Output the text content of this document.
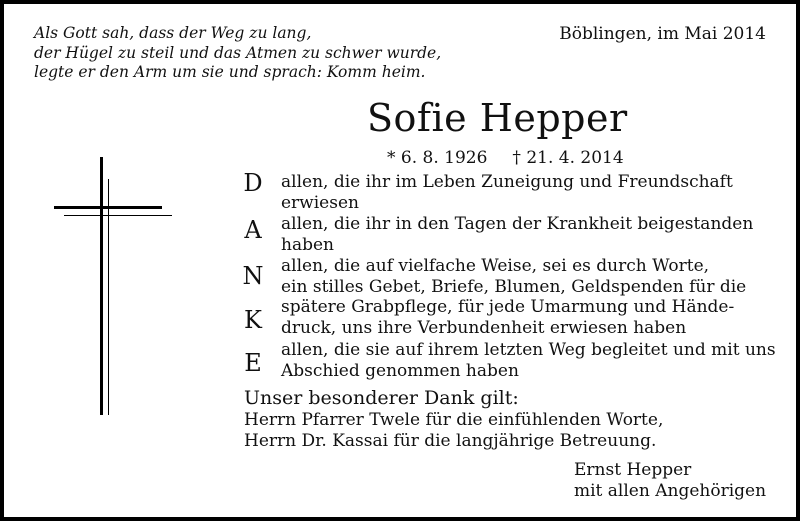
Als Gott sah, dass der Weg zu lang,
der Hügel zu steil und das Atmen zu schwer wurde,
legte er den Arm um sie und sprach: Komm heim.
Böblingen, im Mai 2014
Sofie Hepper
* 6. 8. 1926 † 21. 4. 2014
D
A
N
K
E
allen, die ihr im Leben Zuneigung und Freundschaft
erwiesen
allen, die ihr in den Tagen der Krankheit beigestanden
haben
allen, die auf vielfache Weise, sei es durch Worte,
ein stilles Gebet, Briefe, Blumen, Geldspenden für die
spätere Grabpflege, für jede Umarmung und Hände-
druck, uns ihre Verbundenheit erwiesen haben
allen, die sie auf ihrem letzten Weg begleitet und mit uns
Abschied genommen haben
Unser besonderer Dank gilt:
Herrn Pfarrer Twele für die einfühlenden Worte,
Herrn Dr. Kassai für die langjährige Betreuung.
Ernst Hepper
mit allen Angehörigen
